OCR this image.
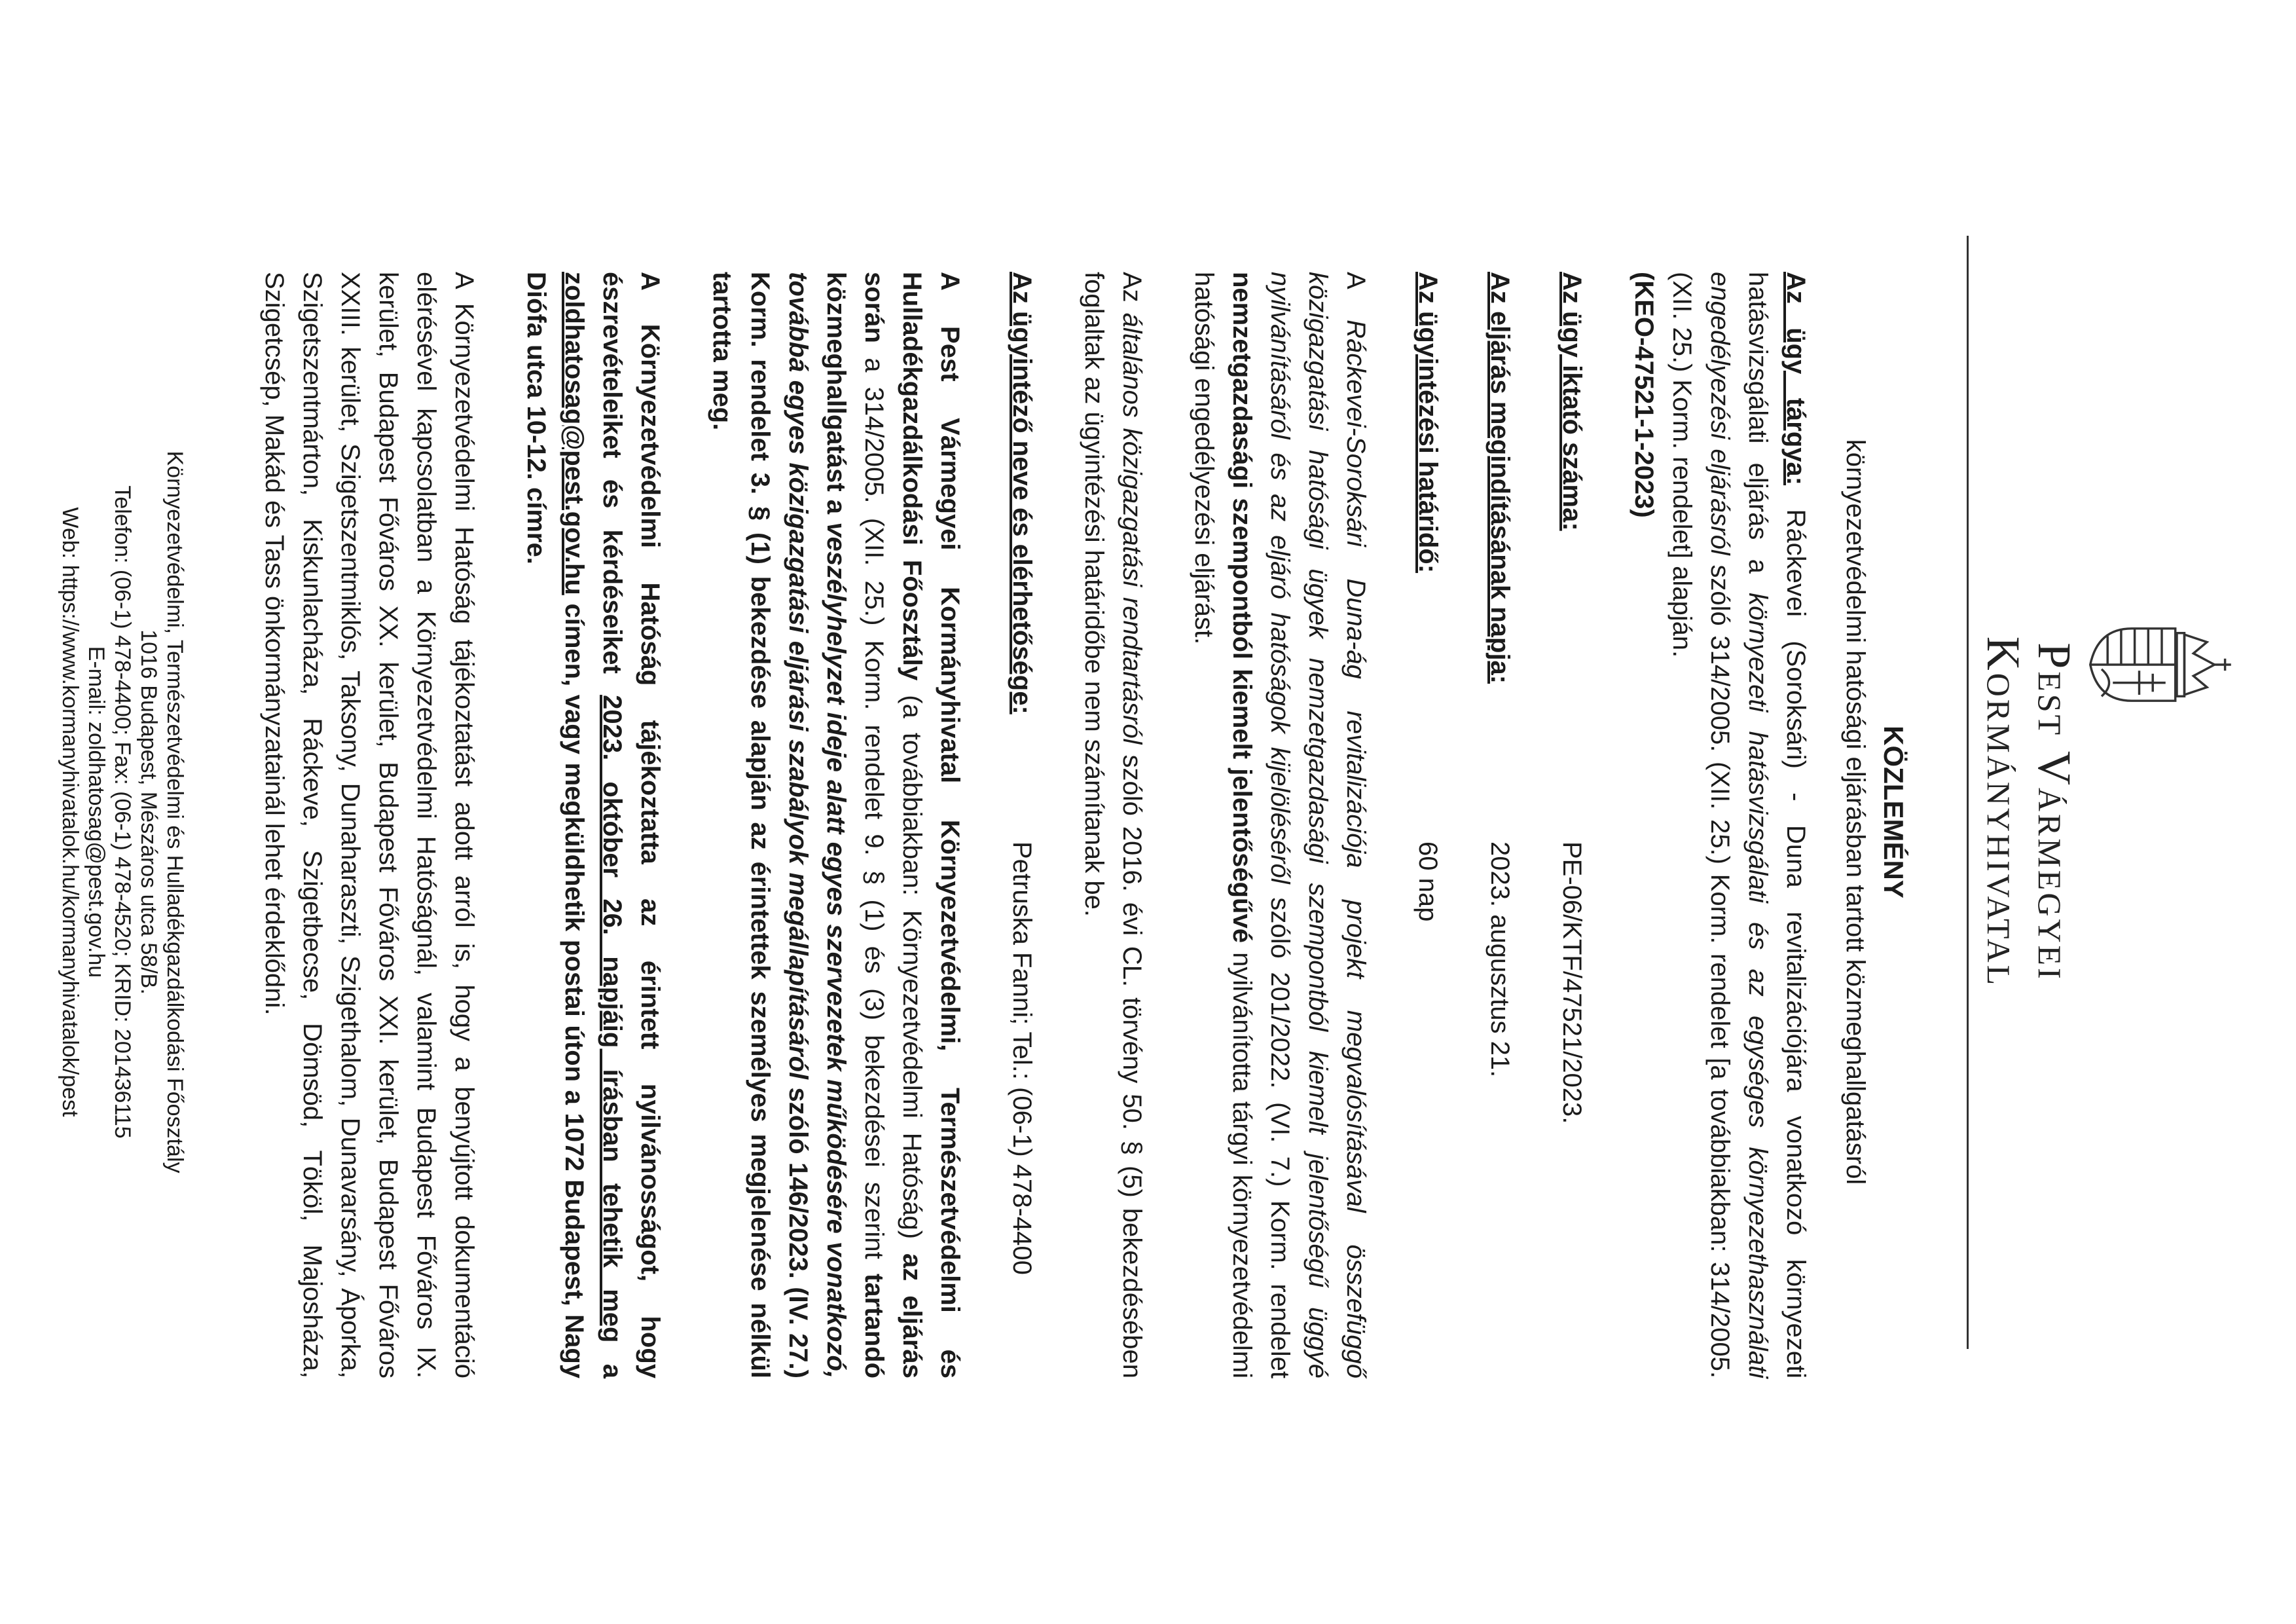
Pest Vármegyei
Kormányhivatal
KÖZLEMÉNY
környezetvédelmi hatósági eljárásban tartott közmeghallgatásról

Az ügy tárgya: Ráckevei (Soroksári) - Duna revitalizációjára vonatkozó környezeti hatásvizsgálati eljárás a környezeti hatásvizsgálati és az egységes környezethasználati engedélyezési eljárásról szóló 314/2005. (XII. 25.) Korm. rendelet [a továbbiakban: 314/2005. (XII. 25.) Korm. rendelet] alapján.

(KEO-47521-1-2023)

Az ügy iktató száma:
PE-06/KTF/47521/2023.
Az eljárás megindításának napja:
2023. augusztus 21.
Az ügyintézési határidő:
60 nap

A Ráckevei-Soroksári Duna-ág revitalizációja projekt megvalósításával összefüggő közigazgatási hatósági ügyek nemzetgazdasági szempontból kiemelt jelentőségű üggyé nyilvánításáról és az eljáró hatóságok kijelöléséről szóló 201/2022. (VI. 7.) Korm. rendelet nemzetgazdasági szempontból kiemelt jelentőségűvé nyilvánította tárgyi környezetvédelmi hatósági engedélyezési eljárást.

Az általános közigazgatási rendtartásról szóló 2016. évi CL. törvény 50. § (5) bekezdésében foglaltak az ügyintézési határidőbe nem számítanak be.

Az ügyintéző neve és elérhetősége:
Petruska Fanni; Tel.: (06-1) 478-4400

A Pest Vármegyei Kormányhivatal Környezetvédelmi, Természetvédelmi és Hulladékgazdálkodási Főosztály (a továbbiakban: Környezetvédelmi Hatóság) az eljárás során a 314/2005. (XII. 25.) Korm. rendelet 9. § (1) és (3) bekezdései szerint tartandó közmeghallgatást a veszélyhelyzet ideje alatt egyes szervezetek működésére vonatkozó, továbbá egyes közigazgatási eljárási szabályok megállapításáról szóló 146/2023. (IV. 27.) Korm. rendelet 3. § (1) bekezdése alapján az érintettek személyes megjelenése nélkül tartotta meg.

A Környezetvédelmi Hatóság tájékoztatta az érintett nyilvánosságot, hogy észrevételeiket és kérdéseiket 2023. október 26. napjáig írásban tehetik meg a zoldhatosag@pest.gov.hu címen, vagy megküldhetik postai úton a 1072 Budapest, Nagy Diófa utca 10-12. címre.

A Környezetvédelmi Hatóság tájékoztatást adott arról is, hogy a benyújtott dokumentáció elérésével kapcsolatban a Környezetvédelmi Hatóságnál, valamint Budapest Főváros IX. kerület, Budapest Főváros XX. kerület, Budapest Főváros XXI. kerület, Budapest Főváros XXIII. kerület, Szigetszentmiklós, Taksony, Dunaharaszti, Szigethalom, Dunavarsány, Áporka, Szigetszentmárton, Kiskunlacháza, Ráckeve, Szigetbecse, Dömsöd, Tököl, Majosháza, Szigetcsép, Makád és Tass önkormányzatainál lehet érdeklődni.

Környezetvédelmi, Természetvédelmi és Hulladékgazdálkodási Főosztály
1016 Budapest, Mészáros utca 58/B.
Telefon: (06-1) 478-4400; Fax: (06-1) 478-4520; KRID: 201436115
E-mail: zoldhatosag@pest.gov.hu
Web: https://www.kormanyhivatalok.hu/kormanyhivatalok/pest
